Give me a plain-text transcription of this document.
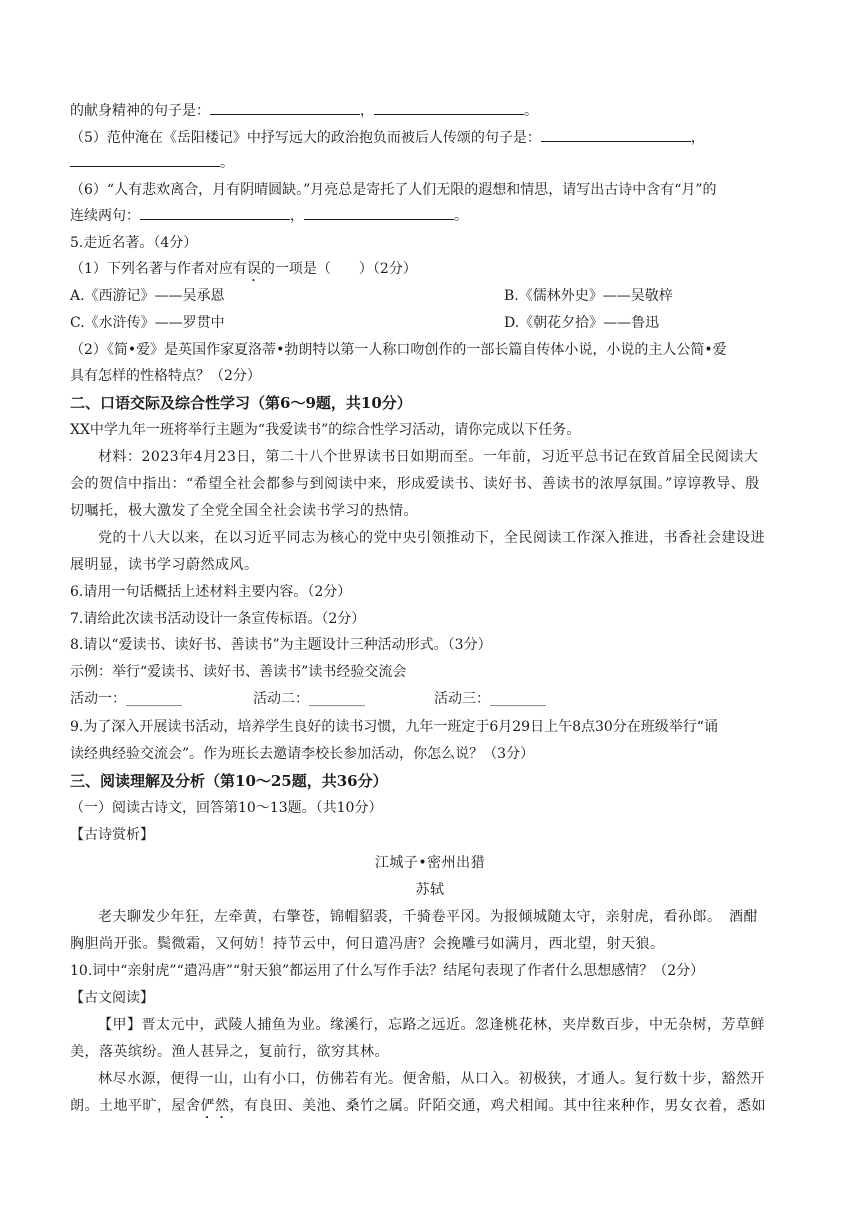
的献身精神的句子是：	，	。
（5）范仲淹在《岳阳楼记》中抒写远大的政治抱负而被后人传颂的句子是：	，
。
（6）“人有悲欢离合，月有阴晴圆缺。”月亮总是寄托了人们无限的遐想和情思，请写出古诗中含有“月”的
连续两句：	，	。
5.走近名著。（4分）
（1）下列名著与作者对应有误的一项是（　　）（2分）
A.《西游记》——吴承恩	B.《儒林外史》——吴敬梓
C.《水浒传》——罗贯中	D.《朝花夕拾》——鲁迅
（2）《简•爱》是英国作家夏洛蒂•勃朗特以第一人称口吻创作的一部长篇自传体小说，小说的主人公简•爱
具有怎样的性格特点？（2分）
二、口语交际及综合性学习（第6～9题，共10分）
XX中学九年一班将举行主题为“我爱读书”的综合性学习活动，请你完成以下任务。
材料：2023年4月23日，第二十八个世界读书日如期而至。一年前，习近平总书记在致首届全民阅读大
会的贺信中指出：“希望全社会都参与到阅读中来，形成爱读书、读好书、善读书的浓厚氛围。”谆谆教导、殷
切嘱托，极大激发了全党全国全社会读书学习的热情。
党的十八大以来，在以习近平同志为核心的党中央引领推动下，全民阅读工作深入推进，书香社会建设进
展明显，读书学习蔚然成风。
6.请用一句话概括上述材料主要内容。（2分）
7.请给此次读书活动设计一条宣传标语。（2分）
8.请以“爱读书、读好书、善读书”为主题设计三种活动形式。（3分）
示例：举行“爱读书、读好书、善读书”读书经验交流会
活动一：________	活动二：________	活动三：________
9.为了深入开展读书活动，培养学生良好的读书习惯，九年一班定于6月29日上午8点30分在班级举行“诵
读经典经验交流会”。作为班长去邀请李校长参加活动，你怎么说？（3分）
三、阅读理解及分析（第10～25题，共36分）
（一）阅读古诗文，回答第10～13题。（共10分）
【古诗赏析】
江城子•密州出猎
苏轼
老夫聊发少年狂，左牵黄，右擎苍，锦帽貂裘，千骑卷平冈。为报倾城随太守，亲射虎，看孙郎。　酒酣
胸胆尚开张。鬓微霜，又何妨！持节云中，何日遣冯唐？会挽雕弓如满月，西北望，射天狼。
10.词中“亲射虎”“遣冯唐”“射天狼”都运用了什么写作手法？结尾句表现了作者什么思想感情？（2分）
【古文阅读】
【甲】晋太元中，武陵人捕鱼为业。缘溪行，忘路之远近。忽逢桃花林，夹岸数百步，中无杂树，芳草鲜
美，落英缤纷。渔人甚异之，复前行，欲穷其林。
林尽水源，便得一山，山有小口，仿佛若有光。便舍船，从口入。初极狭，才通人。复行数十步，豁然开
朗。土地平旷，屋舍俨然，有良田、美池、桑竹之属。阡陌交通，鸡犬相闻。其中往来种作，男女衣着，悉如
